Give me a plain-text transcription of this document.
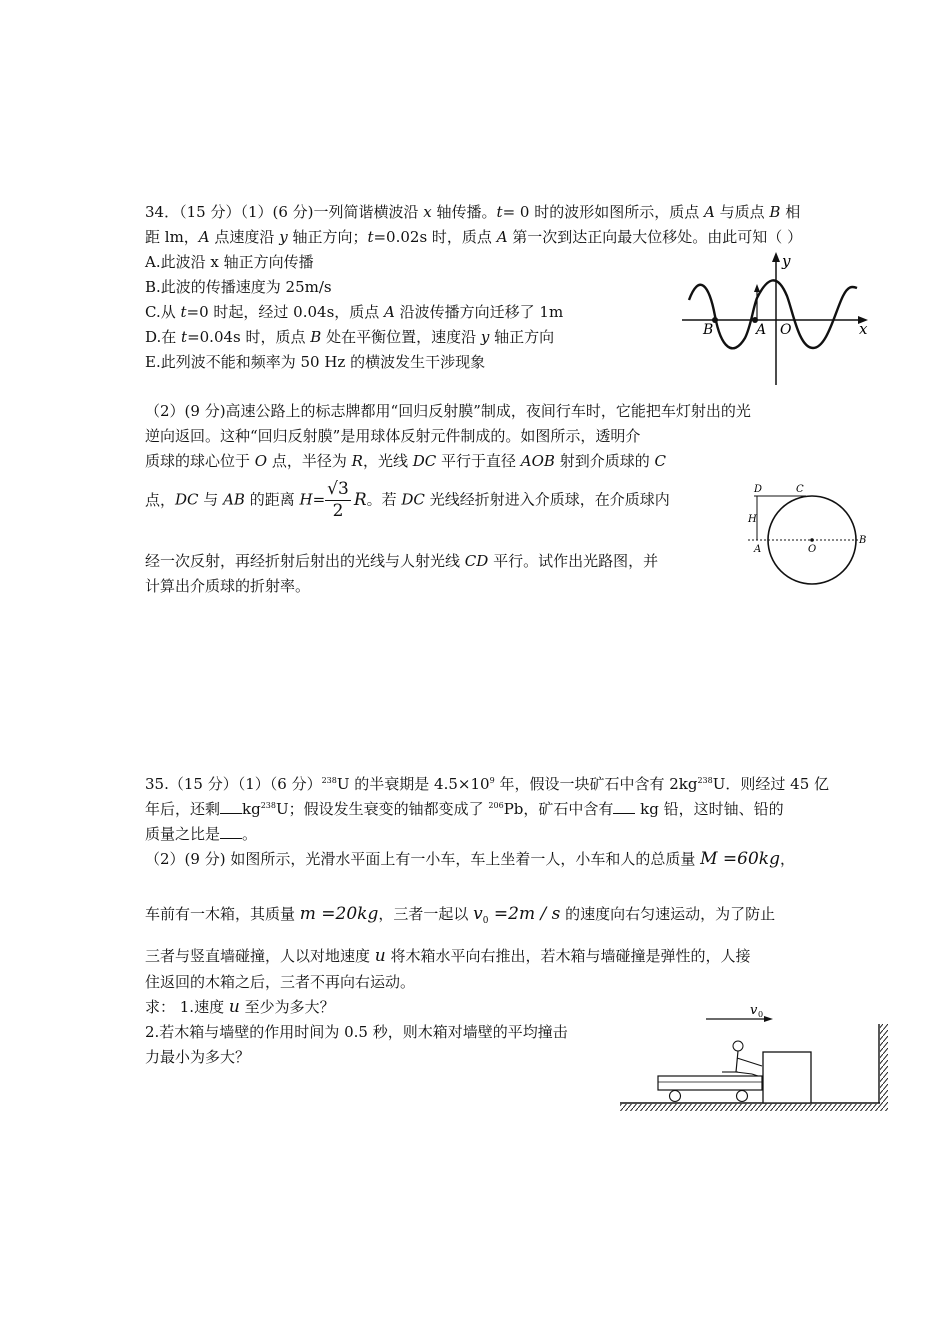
34．（15 分）（1）(6 分)一列简谐横波沿 x 轴传播。t= 0 时的波形如图所示，质点 A 与质点 B 相
距 lm，A 点速度沿 y 轴正方向；t=0.02s 时，质点 A 第一次到达正向最大位移处。由此可知（ ）
A.此波沿 x 轴正方向传播
B.此波的传播速度为 25m/s
C.从 t=0 时起，经过 0.04s，质点 A 沿波传播方向迁移了 1m
D.在 t=0.04s 时，质点 B 处在平衡位置，速度沿 y 轴正方向
E.此列波不能和频率为 50 Hz 的横波发生干涉现象
y
x
B	A O
（2）(9 分)高速公路上的标志牌都用“回归反射膜”制成，夜间行车时，它能把车灯射出的光
逆向返回。这种“回归反射膜”是用球体反射元件制成的。如图所示，透明介
质球的球心位于 O 点，半径为 R，光线 DC 平行于直径 AOB 射到介质球的 C
点，DC 与 AB 的距离 $H= \frac{√3}{2}$ R。若 DC 光线经折射进入介质球，在介质球内
经一次反射，再经折射后射出的光线与人射光线 CD 平行。试作出光路图，并
计算出介质球的折射率。
D	C
H
A	O
B
35.（15 分）（1）（6 分）$^{238}$U 的半衰期是 $4.5\times 10^9$ 年，假设一块矿石中含有 $2kg^{238}U$．则经过 45 亿
年后，还剩 $kg^{238}U$；假设发生衰变的铀都变成了 $^{206}$Pb，矿石中含有 kg 铅，这时铀、铅的
质量之比是 。
（2）(9 分) 如图所示，光滑水平面上有一小车，车上坐着一人，小车和人的总质量 M =60kg，
车前有一木箱，其质量 m =20kg，三者一起以 $v_0 =2m / s$ 的速度向右匀速运动，为了防止
三者与竖直墙碰撞，人以对地速度 u 将木箱水平向右推出，若木箱与墙碰撞是弹性的，人接
住返回的木箱之后，三者不再向右运动。
求： 1.速度 u 至少为多大？
2.若木箱与墙壁的作用时间为 0.5 秒，则木箱对墙壁的平均撞击
力最小为多大？
v 0
